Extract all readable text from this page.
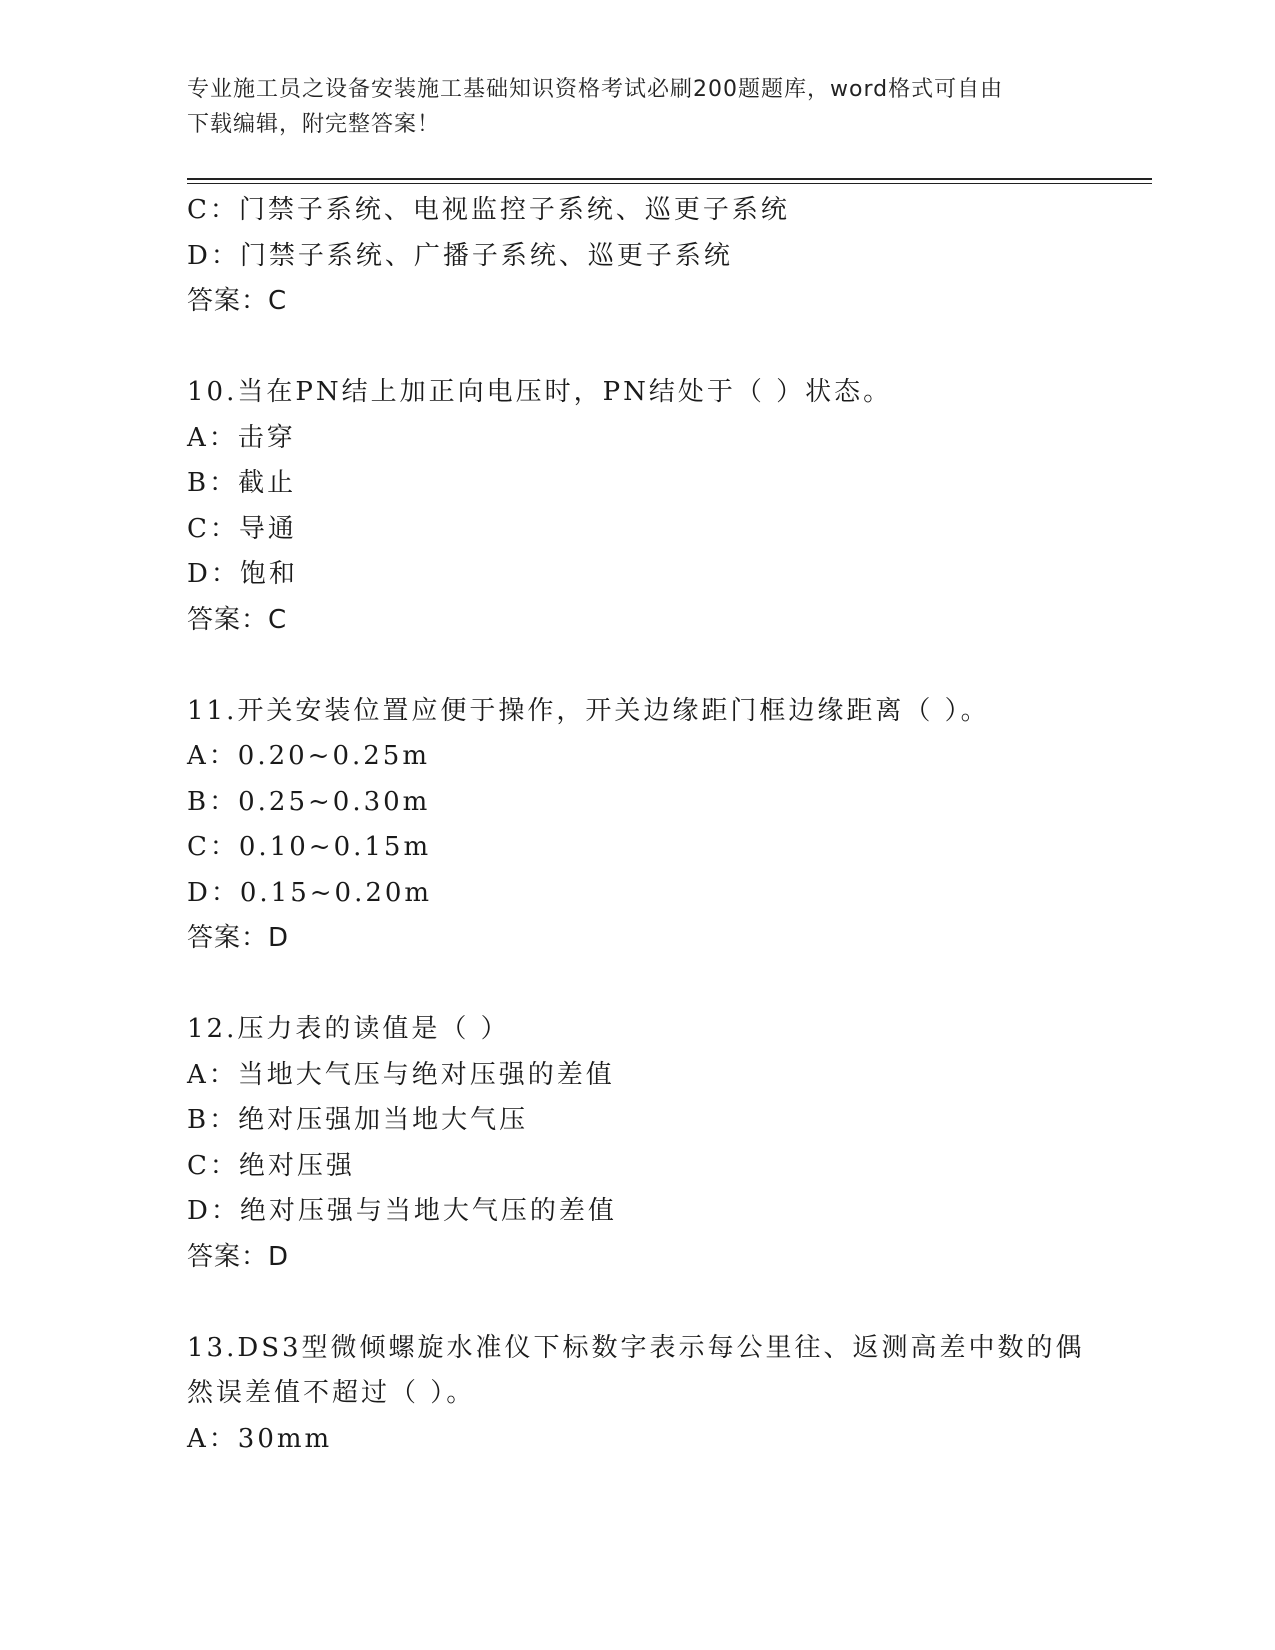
专业施工员之设备安装施工基础知识资格考试必刷200题题库，word格式可自由
下载编辑，附完整答案！
C：门禁子系统、电视监控子系统、巡更子系统
D：门禁子系统、广播子系统、巡更子系统
答案：C
10.当在PN结上加正向电压时，PN结处于（ ）状态。
A：击穿
B：截止
C：导通
D：饱和
答案：C
11.开关安装位置应便于操作，开关边缘距门框边缘距离（ ）。
A：0.20~0.25m
B：0.25~0.30m
C：0.10~0.15m
D：0.15~0.20m
答案：D
12.压力表的读值是（ ）
A：当地大气压与绝对压强的差值
B：绝对压强加当地大气压
C：绝对压强
D：绝对压强与当地大气压的差值
答案：D
13.DS3型微倾螺旋水准仪下标数字表示每公里往、返测高差中数的偶
然误差值不超过（ ）。
A：30mm
